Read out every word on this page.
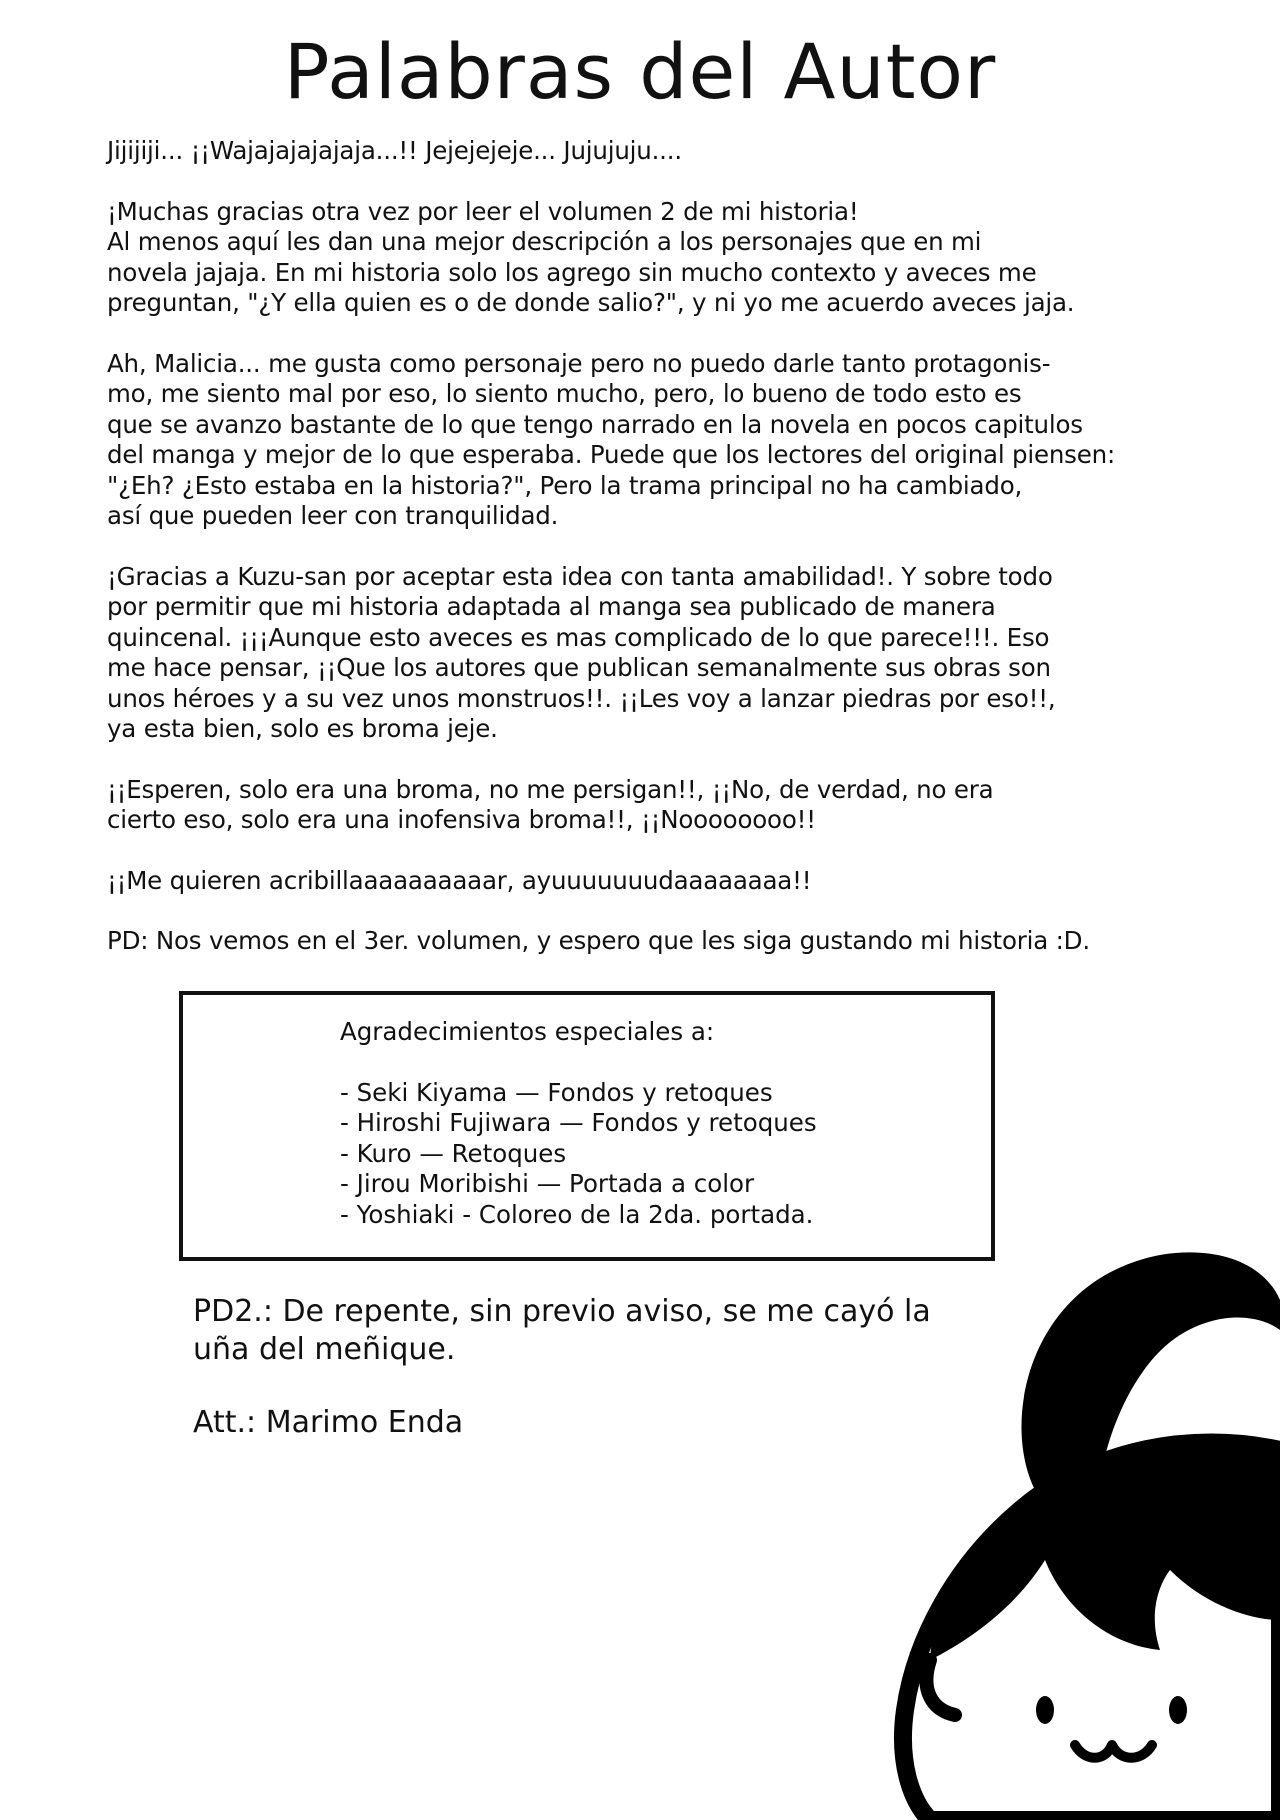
Palabras del Autor

Jijijiji... ¡¡Wajajajajajaja...!! Jejejejeje... Jujujuju....

¡Muchas gracias otra vez por leer el volumen 2 de mi historia!
Al menos aquí les dan una mejor descripción a los personajes que en mi
novela jajaja. En mi historia solo los agrego sin mucho contexto y aveces me
preguntan, "¿Y ella quien es o de donde salio?", y ni yo me acuerdo aveces jaja.

Ah, Malicia... me gusta como personaje pero no puedo darle tanto protagonis-
mo, me siento mal por eso, lo siento mucho, pero, lo bueno de todo esto es
que se avanzo bastante de lo que tengo narrado en la novela en pocos capitulos
del manga y mejor de lo que esperaba. Puede que los lectores del original piensen:
"¿Eh? ¿Esto estaba en la historia?", Pero la trama principal no ha cambiado,
así que pueden leer con tranquilidad.

¡Gracias a Kuzu-san por aceptar esta idea con tanta amabilidad!. Y sobre todo
por permitir que mi historia adaptada al manga sea publicado de manera
quincenal. ¡¡¡Aunque esto aveces es mas complicado de lo que parece!!!. Eso
me hace pensar, ¡¡Que los autores que publican semanalmente sus obras son
unos héroes y a su vez unos monstruos!!. ¡¡Les voy a lanzar piedras por eso!!,
ya esta bien, solo es broma jeje.

¡¡Esperen, solo era una broma, no me persigan!!, ¡¡No, de verdad, no era
cierto eso, solo era una inofensiva broma!!, ¡¡Noooooooo!!

¡¡Me quieren acribillaaaaaaaaaar, ayuuuuuuudaaaaaaaa!!

PD: Nos vemos en el 3er. volumen, y espero que les siga gustando mi historia :D.

Agradecimientos especiales a:
- Seki Kiyama — Fondos y retoques
- Hiroshi Fujiwara — Fondos y retoques
- Kuro — Retoques
- Jirou Moribishi — Portada a color
- Yoshiaki - Coloreo de la 2da. portada.
PD2.: De repente, sin previo aviso, se me cayó la
uña del meñique.
Att.: Marimo Enda
